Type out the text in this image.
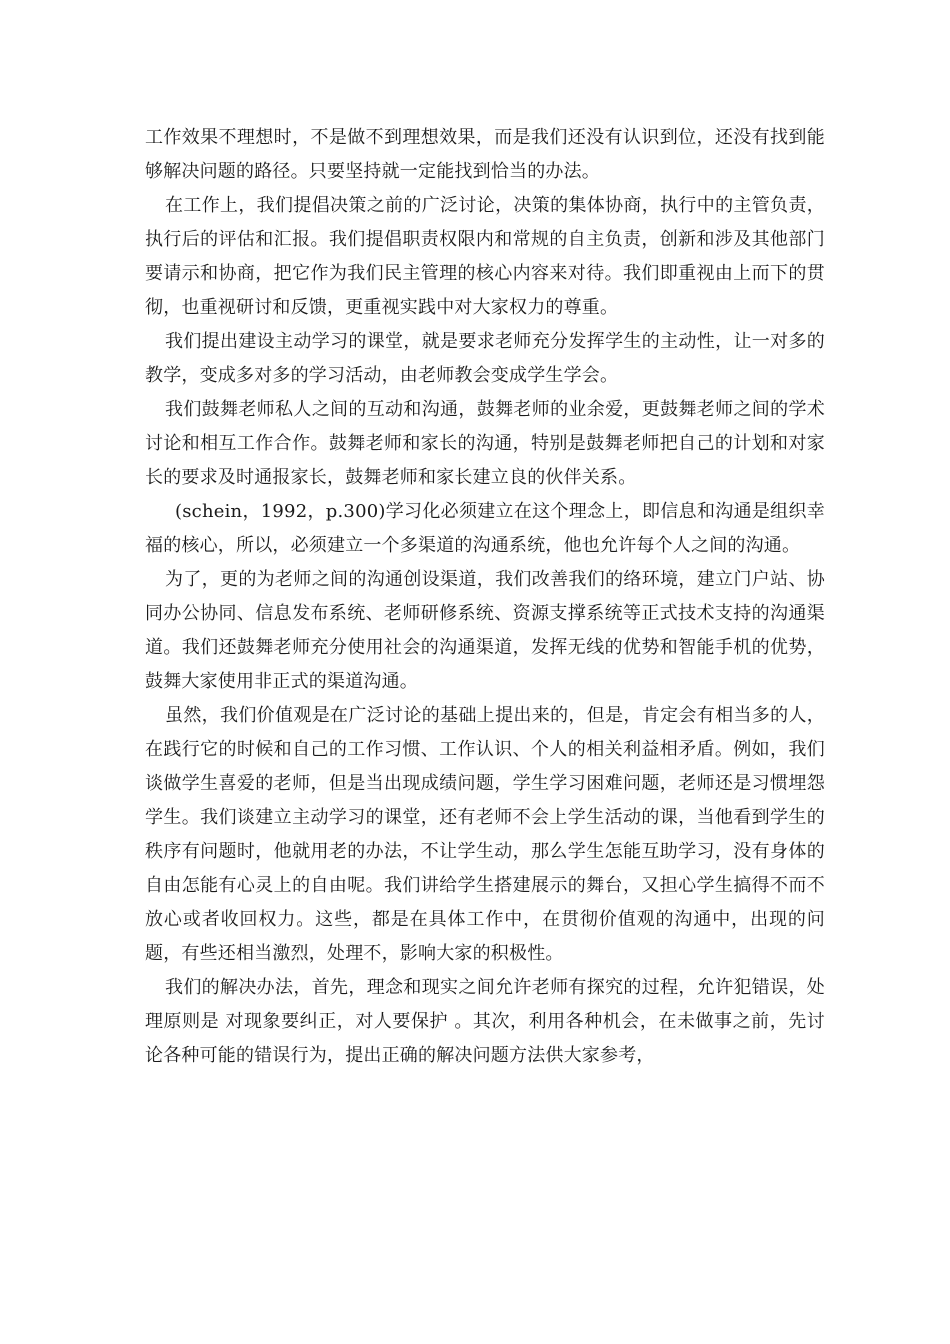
工作效果不理想时，不是做不到理想效果，而是我们还没有认识到位，还没有找到能够解决问题的路径。只要坚持就一定能找到恰当的办法。

在工作上，我们提倡决策之前的广泛讨论，决策的集体协商，执行中的主管负责，执行后的评估和汇报。我们提倡职责权限内和常规的自主负责，创新和涉及其他部门要请示和协商，把它作为我们民主管理的核心内容来对待。我们即重视由上而下的贯彻，也重视研讨和反馈，更重视实践中对大家权力的尊重。

我们提出建设主动学习的课堂，就是要求老师充分发挥学生的主动性，让一对多的教学，变成多对多的学习活动，由老师教会变成学生学会。

我们鼓舞老师私人之间的互动和沟通，鼓舞老师的业余爱，更鼓舞老师之间的学术讨论和相互工作合作。鼓舞老师和家长的沟通，特别是鼓舞老师把自己的计划和对家长的要求及时通报家长，鼓舞老师和家长建立良的伙伴关系。

(schein，1992，p.300)学习化必须建立在这个理念上，即信息和沟通是组织幸福的核心，所以，必须建立一个多渠道的沟通系统，他也允许每个人之间的沟通。

为了，更的为老师之间的沟通创设渠道，我们改善我们的络环境，建立门户站、协同办公协同、信息发布系统、老师研修系统、资源支撑系统等正式技术支持的沟通渠道。我们还鼓舞老师充分使用社会的沟通渠道，发挥无线的优势和智能手机的优势，鼓舞大家使用非正式的渠道沟通。

虽然，我们价值观是在广泛讨论的基础上提出来的，但是，肯定会有相当多的人，在践行它的时候和自己的工作习惯、工作认识、个人的相关利益相矛盾。例如，我们谈做学生喜爱的老师，但是当出现成绩问题，学生学习困难问题，老师还是习惯埋怨学生。我们谈建立主动学习的课堂，还有老师不会上学生活动的课，当他看到学生的秩序有问题时，他就用老的办法，不让学生动，那么学生怎能互助学习，没有身体的自由怎能有心灵上的自由呢。我们讲给学生搭建展示的舞台，又担心学生搞得不而不放心或者收回权力。这些，都是在具体工作中，在贯彻价值观的沟通中，出现的问题，有些还相当激烈，处理不，影响大家的积极性。

我们的解决办法，首先，理念和现实之间允许老师有探究的过程，允许犯错误，处理原则是 对现象要纠正，对人要保护 。其次，利用各种机会，在未做事之前，先讨论各种可能的错误行为，提出正确的解决问题方法供大家参考，
